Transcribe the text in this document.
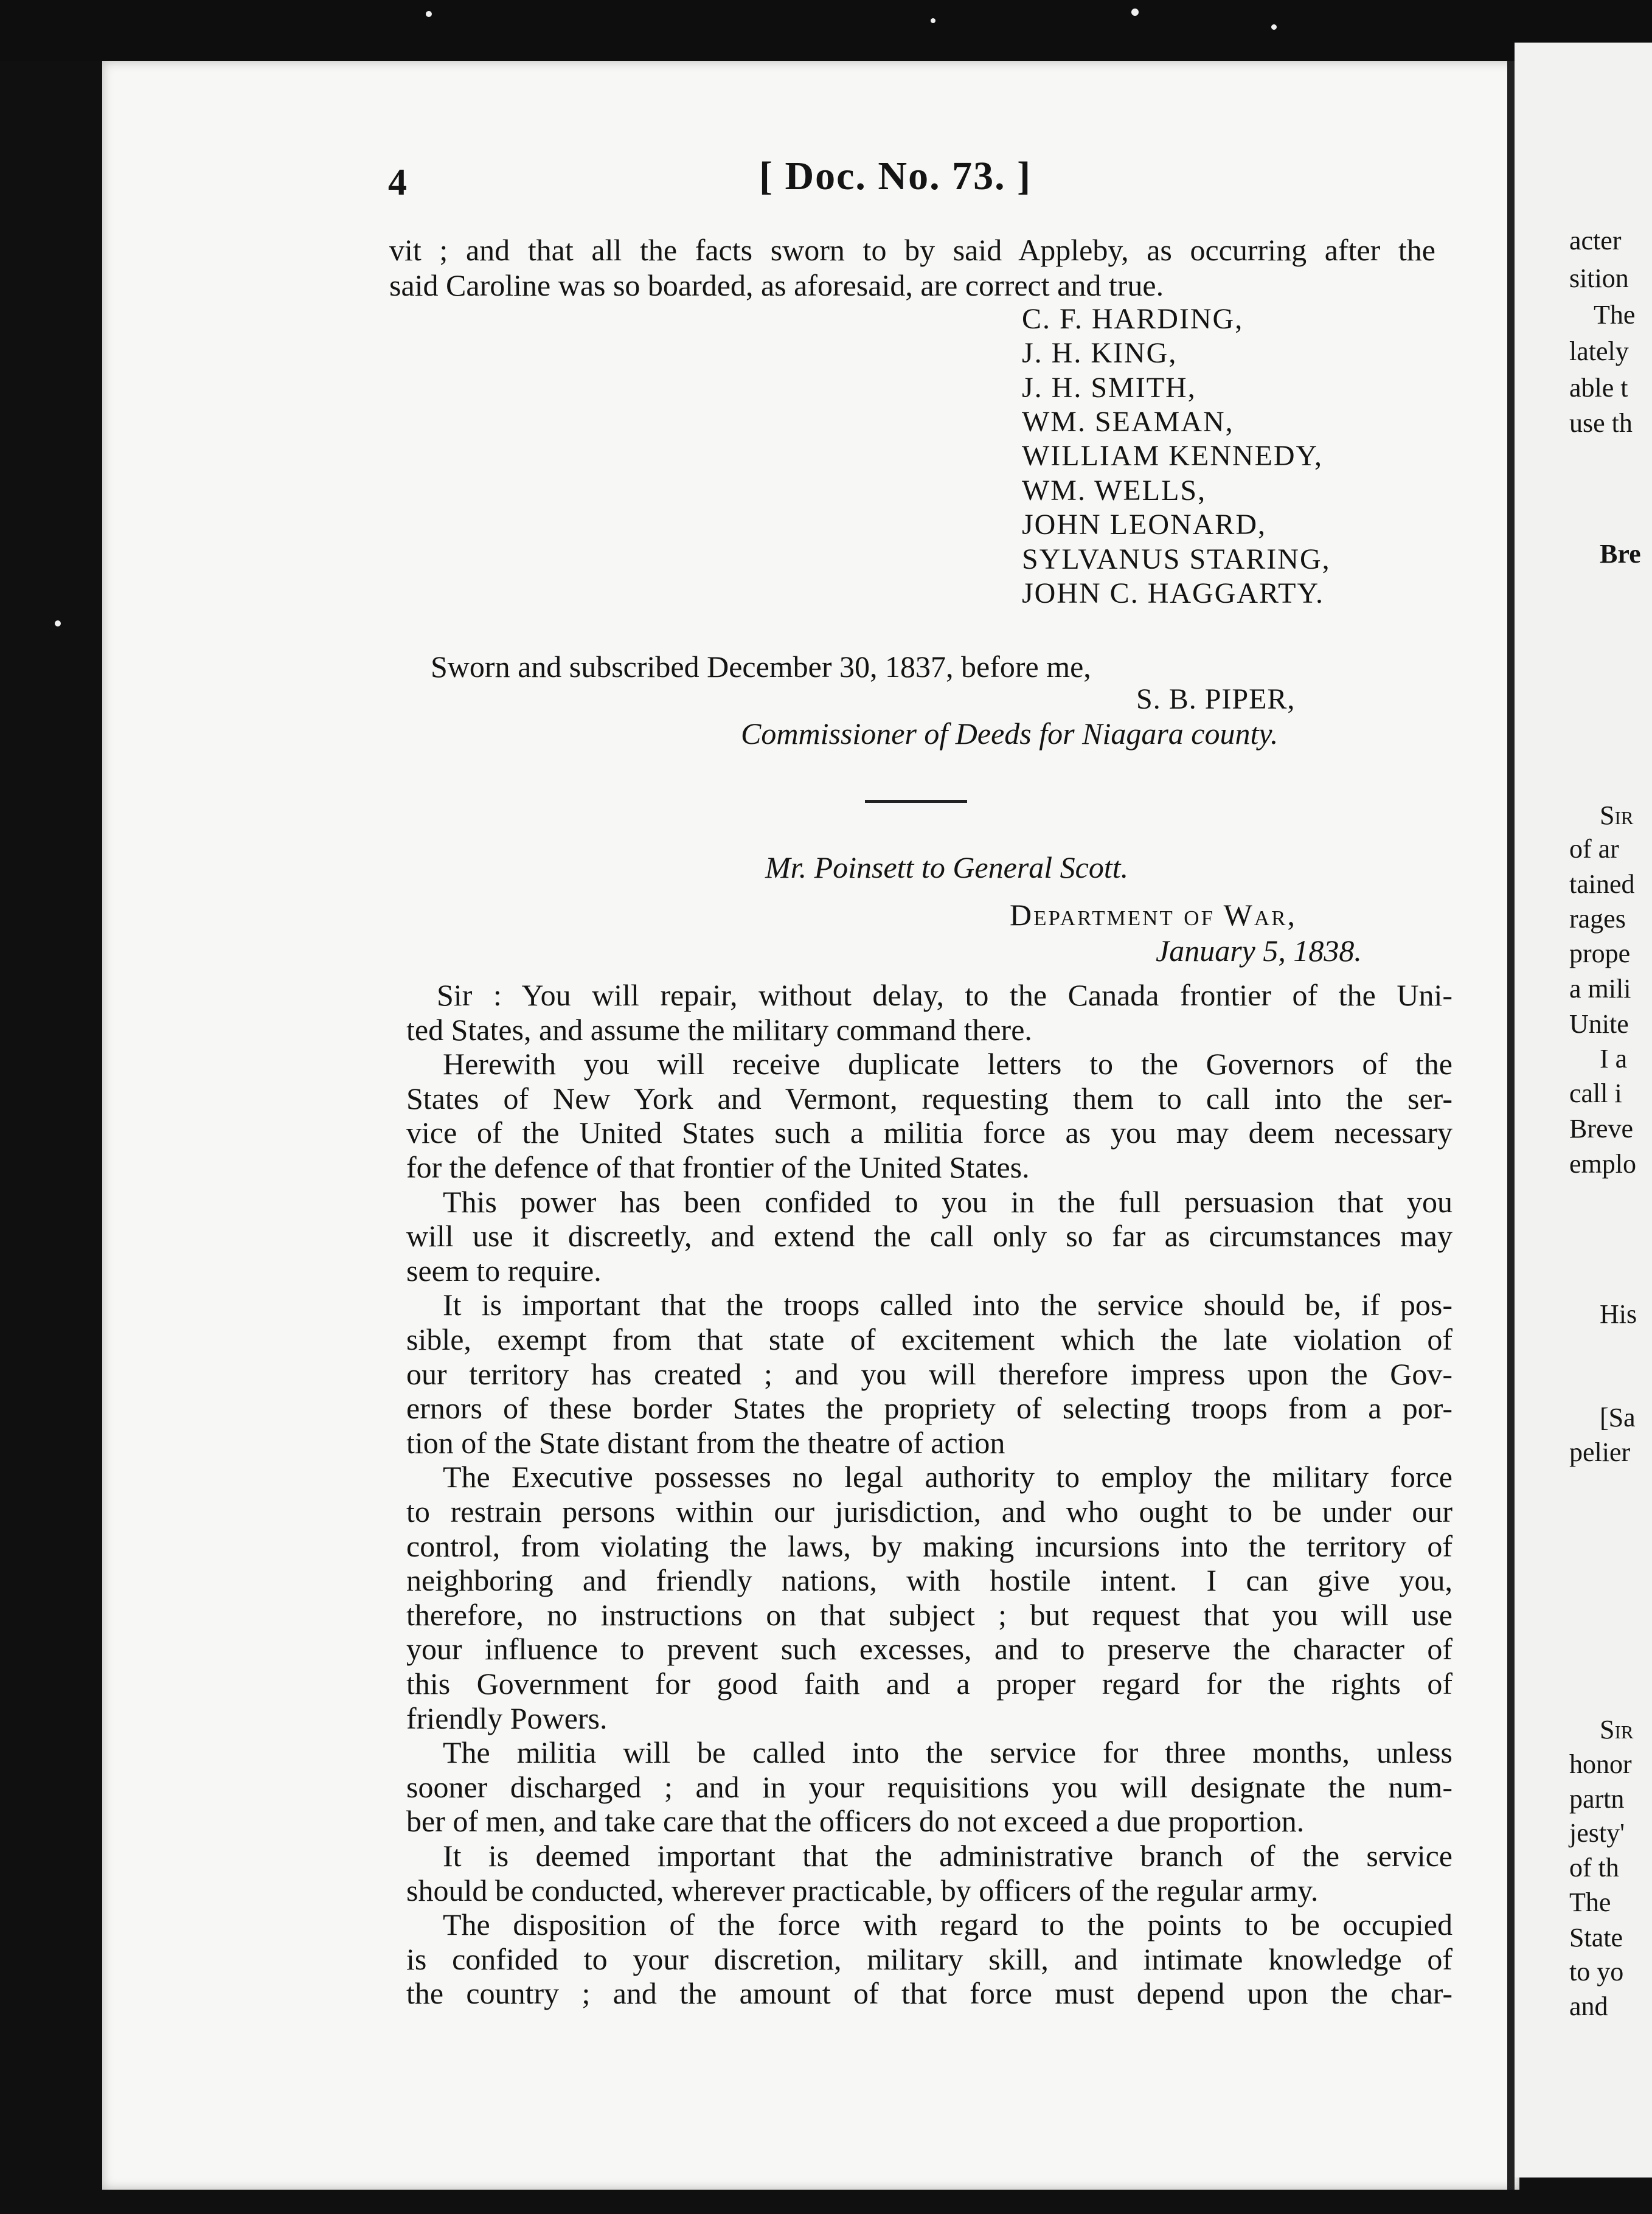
acter
sition
The
lately
able t
use th
Bre
Sir
of ar
tained
rages
prope
a mili
Unite
I a
call i
Breve
emplo
His
[Sa
pelier
Sir
honor
partn
jesty'
of th
The
State
to yo
and
4	[ Doc. No. 73. ]
vit ; and that all the facts sworn to by said Appleby, as occurring after the
said Caroline was so boarded, as aforesaid, are correct and true.
C. F. HARDING,
J. H. KING,
J. H. SMITH,
WM. SEAMAN,
WILLIAM KENNEDY,
WM. WELLS,
JOHN LEONARD,
SYLVANUS STARING,
JOHN C. HAGGARTY.
Sworn and subscribed December 30, 1837, before me,
S. B. PIPER,
Commissioner of Deeds for Niagara county.
Mr. Poinsett to General Scott.
Department of War,
January 5, 1838.
Sir : You will repair, without delay, to the Canada frontier of the Uni-
ted States, and assume the military command there.
Herewith you will receive duplicate letters to the Governors of the
States of New York and Vermont, requesting them to call into the ser-
vice of the United States such a militia force as you may deem necessary
for the defence of that frontier of the United States.
This power has been confided to you in the full persuasion that you
will use it discreetly, and extend the call only so far as circumstances may
seem to require.
It is important that the troops called into the service should be, if pos-
sible, exempt from that state of excitement which the late violation of
our territory has created ; and you will therefore impress upon the Gov-
ernors of these border States the propriety of selecting troops from a por-
tion of the State distant from the theatre of action
The Executive possesses no legal authority to employ the military force
to restrain persons within our jurisdiction, and who ought to be under our
control, from violating the laws, by making incursions into the territory of
neighboring and friendly nations, with hostile intent. I can give you,
therefore, no instructions on that subject ; but request that you will use
your influence to prevent such excesses, and to preserve the character of
this Government for good faith and a proper regard for the rights of
friendly Powers.
The militia will be called into the service for three months, unless
sooner discharged ; and in your requisitions you will designate the num-
ber of men, and take care that the officers do not exceed a due proportion.
It is deemed important that the administrative branch of the service
should be conducted, wherever practicable, by officers of the regular army.
The disposition of the force with regard to the points to be occupied
is confided to your discretion, military skill, and intimate knowledge of
the country ; and the amount of that force must depend upon the char-
